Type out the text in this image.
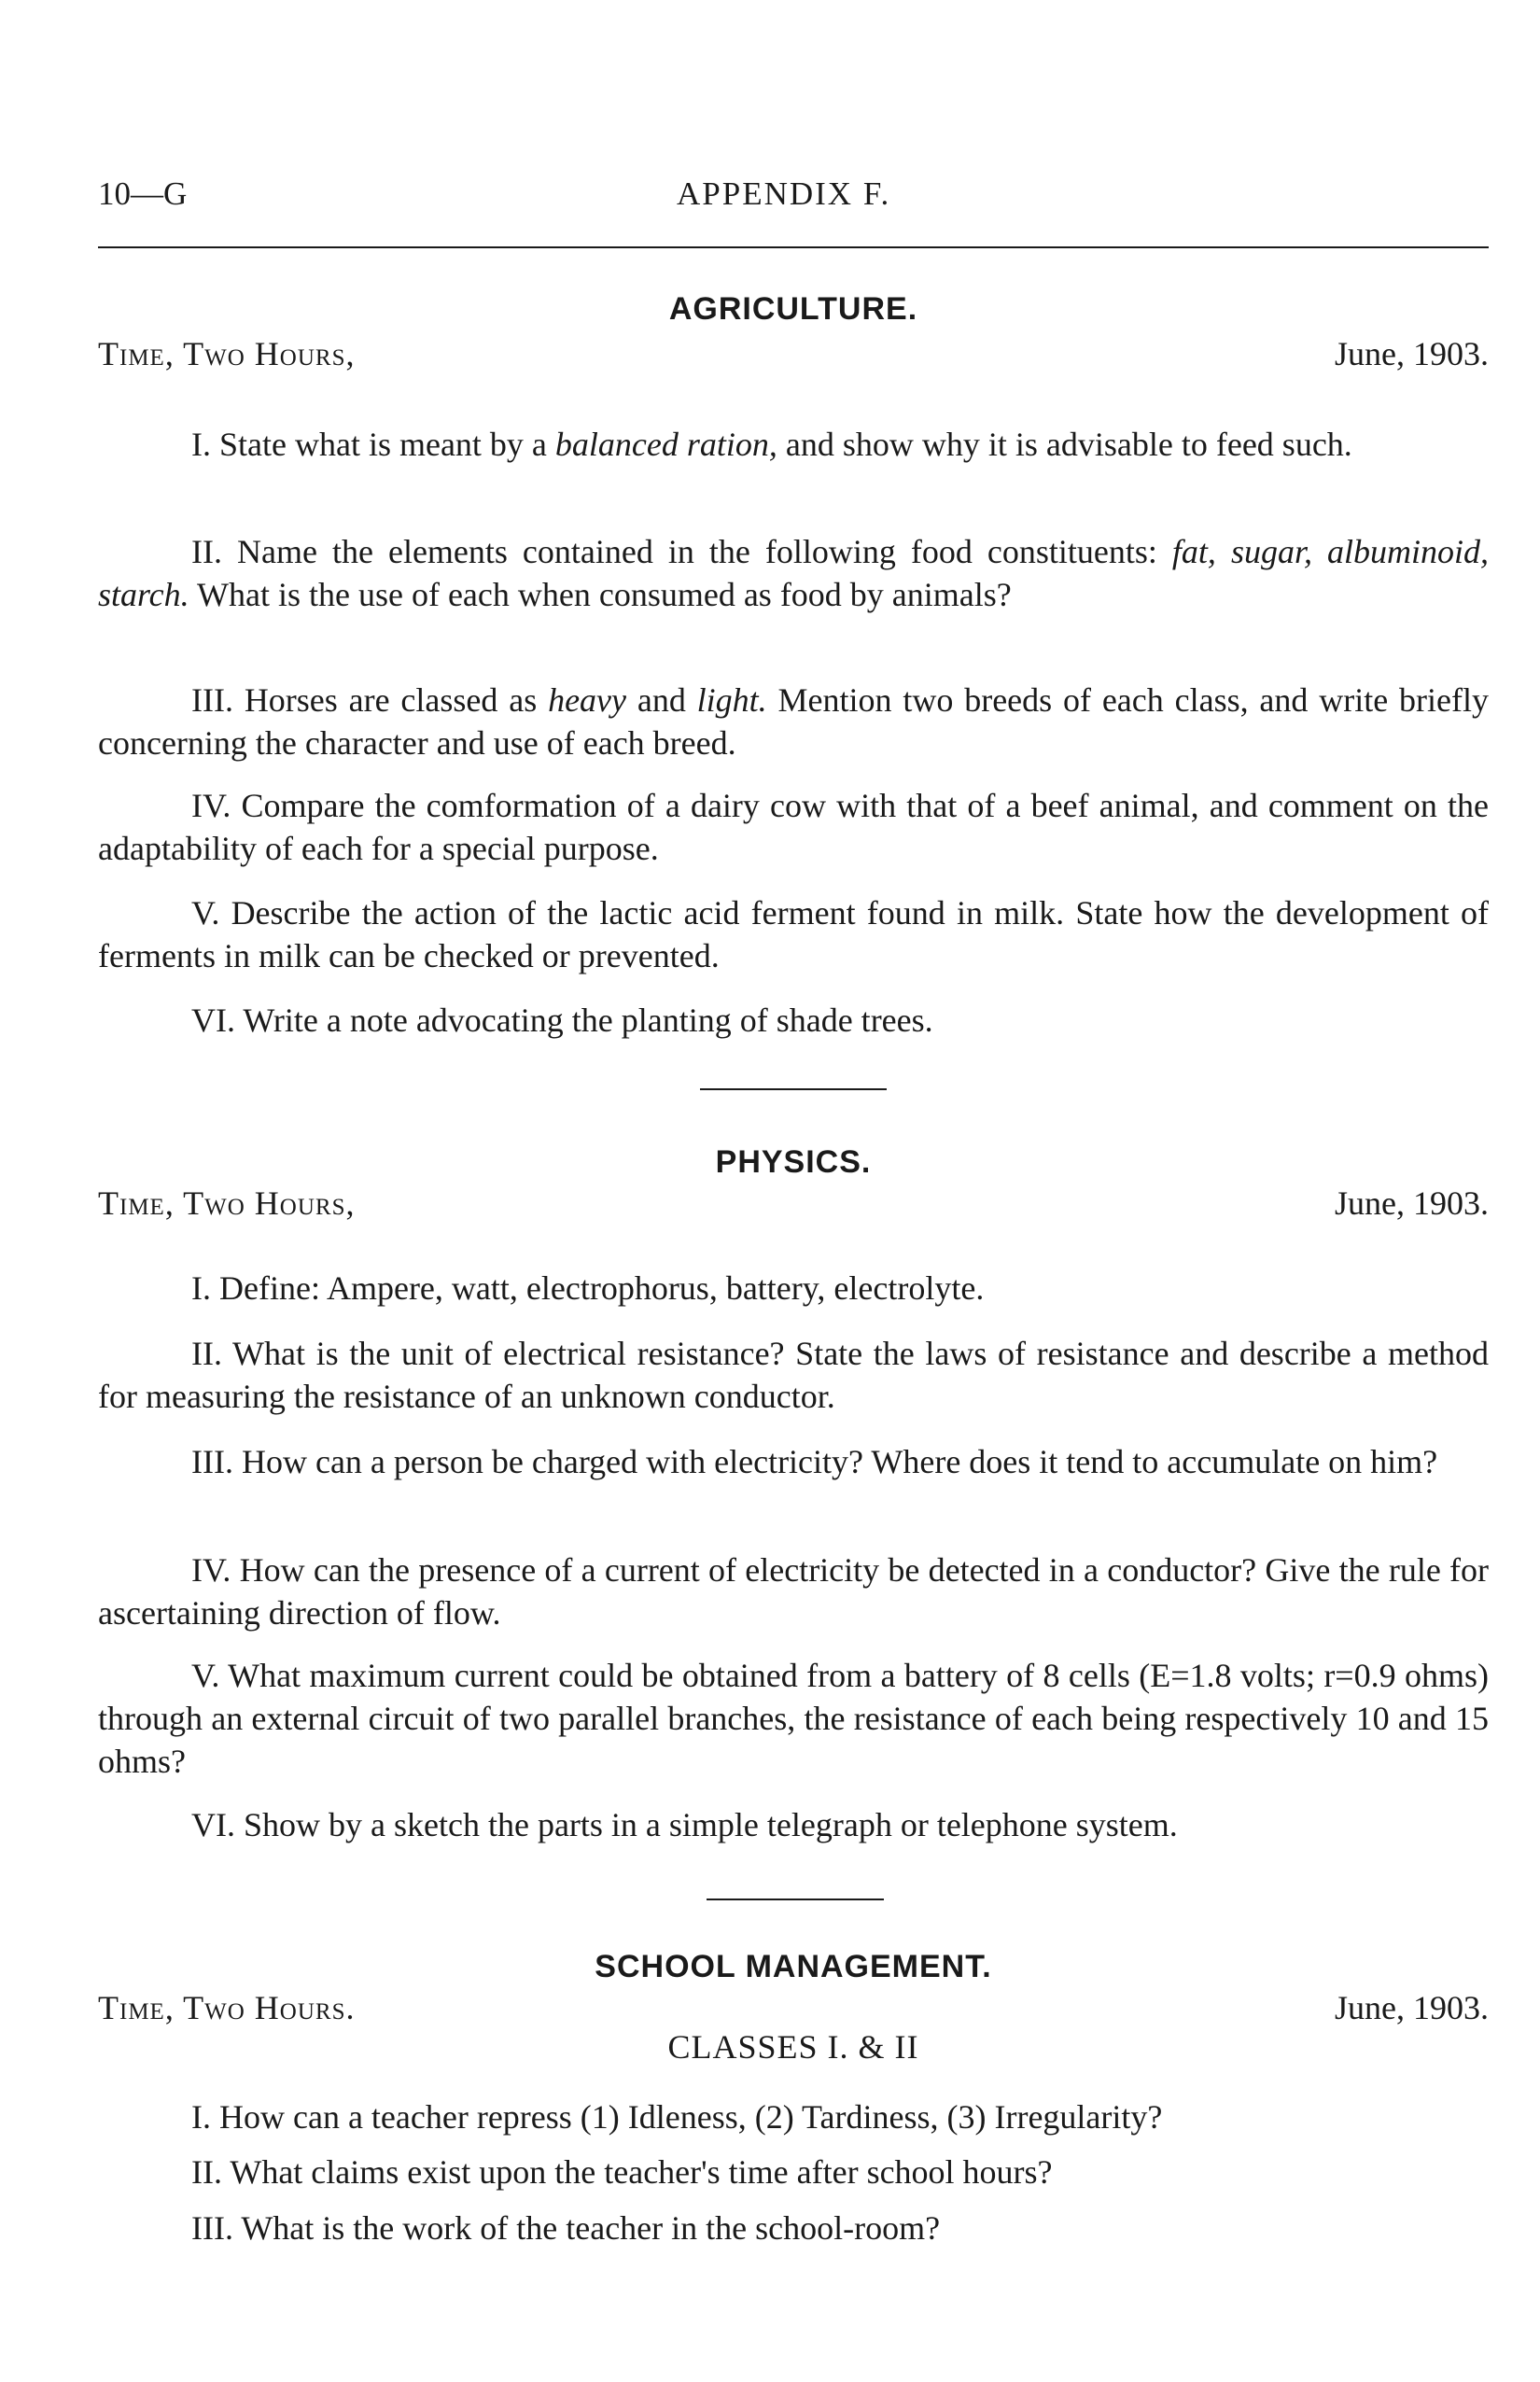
10—G	APPENDIX F.
AGRICULTURE.
Time, Two Hours,	June, 1903.
I. State what is meant by a balanced ration, and show why it is advisable to feed such.
II. Name the elements contained in the following food constituents: fat, sugar, albuminoid, starch. What is the use of each when consumed as food by animals?
III. Horses are classed as heavy and light. Mention two breeds of each class, and write briefly concerning the character and use of each breed.
IV. Compare the comformation of a dairy cow with that of a beef animal, and comment on the adaptability of each for a special purpose.
V. Describe the action of the lactic acid ferment found in milk. State how the development of ferments in milk can be checked or prevented.
VI. Write a note advocating the planting of shade trees.
PHYSICS.
Time, Two Hours,	June, 1903.
I. Define: Ampere, watt, electrophorus, battery, electrolyte.
II. What is the unit of electrical resistance? State the laws of resistance and describe a method for measuring the resistance of an unknown conductor.
III. How can a person be charged with electricity? Where does it tend to accumulate on him?
IV. How can the presence of a current of electricity be detected in a conductor? Give the rule for ascertaining direction of flow.
V. What maximum current could be obtained from a battery of 8 cells (E=1.8 volts; r=0.9 ohms) through an external circuit of two parallel branches, the resistance of each being respectively 10 and 15 ohms?
VI. Show by a sketch the parts in a simple telegraph or telephone system.
SCHOOL MANAGEMENT.
Time, Two Hours.	June, 1903.
CLASSES I. & II
I. How can a teacher repress (1) Idleness, (2) Tardiness, (3) Irregularity?
II. What claims exist upon the teacher's time after school hours?
III. What is the work of the teacher in the school-room?
